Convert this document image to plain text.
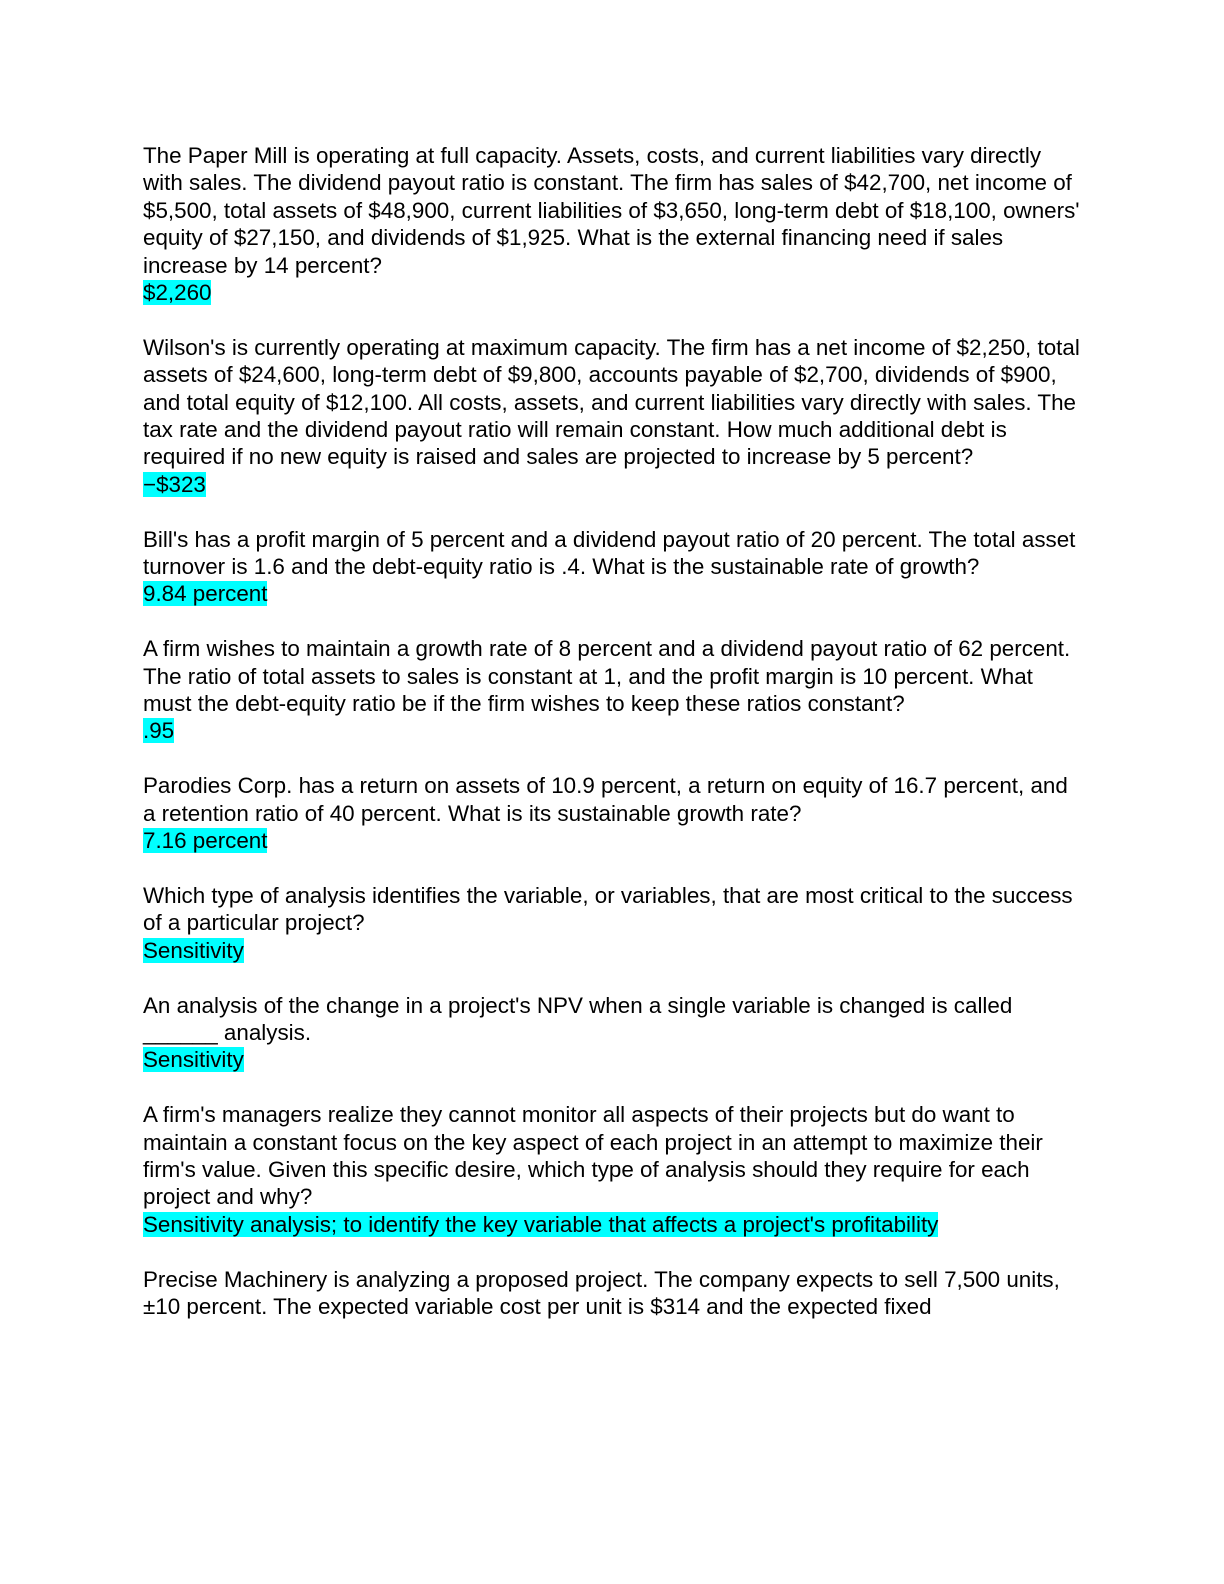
The Paper Mill is operating at full capacity. Assets, costs, and current liabilities vary directly with sales. The dividend payout ratio is constant. The firm has sales of $42,700, net income of $5,500, total assets of $48,900, current liabilities of $3,650, long-term debt of $18,100, owners' equity of $27,150, and dividends of $1,925. What is the external financing need if sales increase by 14 percent?

$2,260

Wilson's is currently operating at maximum capacity. The firm has a net income of $2,250, total assets of $24,600, long-term debt of $9,800, accounts payable of $2,700, dividends of $900, and total equity of $12,100. All costs, assets, and current liabilities vary directly with sales. The tax rate and the dividend payout ratio will remain constant. How much additional debt is required if no new equity is raised and sales are projected to increase by 5 percent?

−$323

Bill's has a profit margin of 5 percent and a dividend payout ratio of 20 percent. The total asset turnover is 1.6 and the debt-equity ratio is .4. What is the sustainable rate of growth?

9.84 percent

A firm wishes to maintain a growth rate of 8 percent and a dividend payout ratio of 62 percent. The ratio of total assets to sales is constant at 1, and the profit margin is 10 percent. What must the debt-equity ratio be if the firm wishes to keep these ratios constant?

.95

Parodies Corp. has a return on assets of 10.9 percent, a return on equity of 16.7 percent, and a retention ratio of 40 percent. What is its sustainable growth rate?

7.16 percent

Which type of analysis identifies the variable, or variables, that are most critical to the success of a particular project?

Sensitivity

An analysis of the change in a project's NPV when a single variable is changed is called ______ analysis.

Sensitivity

A firm's managers realize they cannot monitor all aspects of their projects but do want to maintain a constant focus on the key aspect of each project in an attempt to maximize their firm's value. Given this specific desire, which type of analysis should they require for each project and why?

Sensitivity analysis; to identify the key variable that affects a project's profitability

Precise Machinery is analyzing a proposed project. The company expects to sell 7,500 units, ±10 percent. The expected variable cost per unit is $314 and the expected fixed
